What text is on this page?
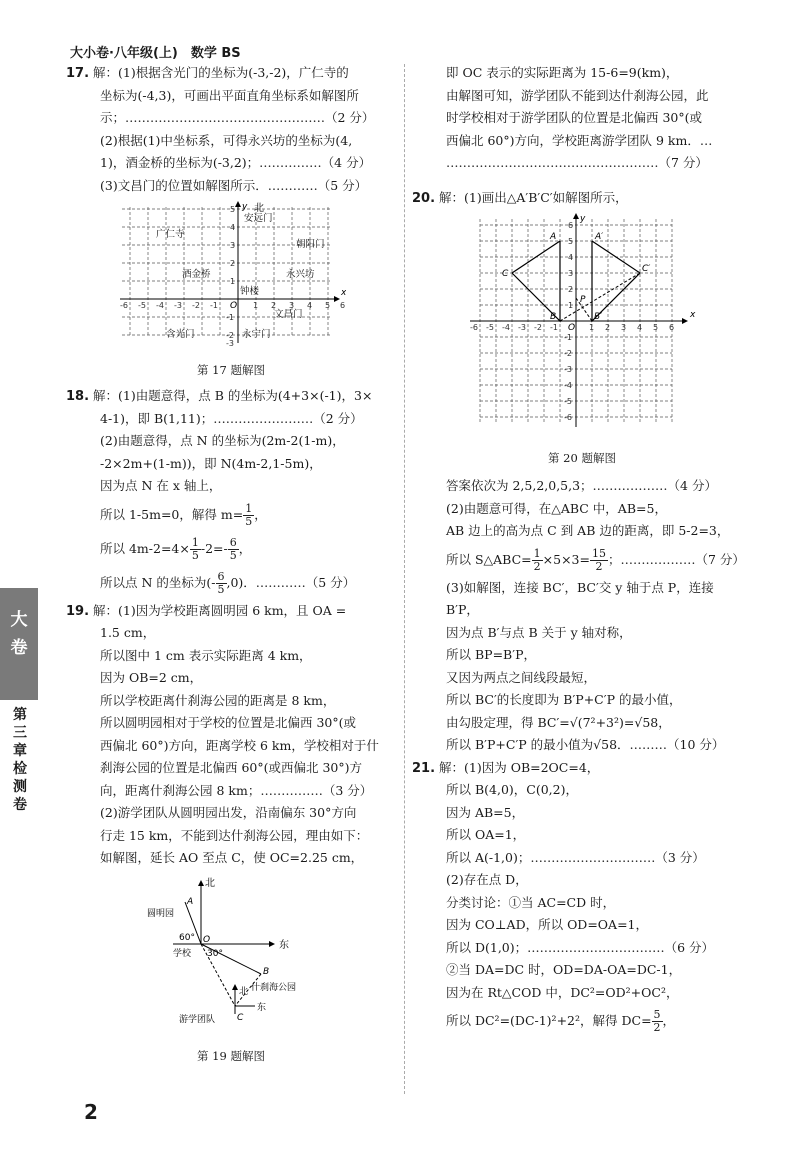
大
卷
第三章检测卷
大小卷·八年级(上)　数学 BS
17. 解：(1)根据含光门的坐标为(-3,-2)，广仁寺的
坐标为(-4,3)，可画出平面直角坐标系如解图所
示；…………………………………………（2 分）
(2)根据(1)中坐标系，可得永兴坊的坐标为(4,
1)，酒金桥的坐标为(-3,2)；……………（4 分）
(3)文昌门的位置如解图所示．…………（5 分）
x
y 北
O
-6 -5 -4 -3 -2 -1	1 2 3 4 5 6
5
4
3
2
1
-1
-2
-3
安远门
广仁寺
朝阳门
酒金桥	永兴坊
钟楼
文昌门
含光门	永宁门
第 17 题解图
18. 解：(1)由题意得，点 B 的坐标为(4+3×(-1)，3×
4-1)，即 B(1,11)；……………………（2 分）
(2)由题意得，点 N 的坐标为(2m-2(1-m)，
-2×2m+(1-m))，即 N(4m-2,1-5m)，
因为点 N 在 x 轴上，
所以 1-5m=0，解得 $m= \frac{1}{5}$ ，
所以 $4m-2=4\times \frac{1}{5} -2=- \frac{6}{5}$ ，
所以点 N 的坐标为(- $\frac{6}{5} ,0$)．…………（5 分）
19. 解：(1)因为学校距离圆明园 6 km，且 OA =
1.5 cm，
所以图中 1 cm 表示实际距离 4 km，
因为 OB=2 cm，
所以学校距离什刹海公园的距离是 8 km，
所以圆明园相对于学校的位置是北偏西 30°(或
西偏北 60°)方向，距离学校 6 km，学校相对于什
刹海公园的位置是北偏西 60°(或西偏北 30°)方
向，距离什刹海公园 8 km；……………（3 分）
(2)游学团队从圆明园出发，沿南偏东 30°方向
行走 15 km，不能到达什刹海公园，理由如下：
如解图，延长 AO 至点 C，使 OC=2.25 cm，
北
东
A
圆明园
O
60°
30°
学校
B
什刹海公园
北
东
C
游学团队
第 19 题解图
即 OC 表示的实际距离为 15-6=9(km)，
由解图可知，游学团队不能到达什刹海公园，此
时学校相对于游学团队的位置是北偏西 30°(或
西偏北 60°)方向，学校距离游学团队 9 km．…
……………………………………………（7 分）
20. 解：(1)画出△A′B′C′如解图所示，
x
y
O
A
B
C
A′
B′
C′
P
-6 -5 -4 -3 -2 -1	1 2 3 4 5 6
6
5
4
3
2
1
-1
-2
-3
-4
-5
-6
第 20 题解图
答案依次为 2,5,2,0,5,3；………………（4 分）
(2)由题意可得，在△ABC 中，AB=5，
AB 边上的高为点 C 到 AB 边的距离，即 5-2=3，
所以 S△ABC= $\frac{1}{2} \times 5\times 3= \frac{15}{2}$ ；………………（7 分）
(3)如解图，连接 BC′，BC′交 y 轴于点 P，连接
B′P，
因为点 B′与点 B 关于 y 轴对称，
所以 BP=B′P，
又因为两点之间线段最短，
所以 BC′的长度即为 B′P+C′P 的最小值，
由勾股定理，得 BC′=√(7²+3²)=√58，
所以 B′P+C′P 的最小值为√58．………（10 分）
21. 解：(1)因为 OB=2OC=4，
所以 B(4,0)，C(0,2)，
因为 AB=5，
所以 OA=1，
所以 A(-1,0)；…………………………（3 分）
(2)存在点 D，
分类讨论：①当 AC=CD 时，
因为 CO⊥AD，所以 OD=OA=1，
所以 D(1,0)；……………………………（6 分）
②当 DA=DC 时，OD=DA-OA=DC-1，
因为在 Rt△COD 中，DC²=OD²+OC²，
所以 DC²=(DC-1)²+2²，解得 $DC= \frac{5}{2}$ ，
2
